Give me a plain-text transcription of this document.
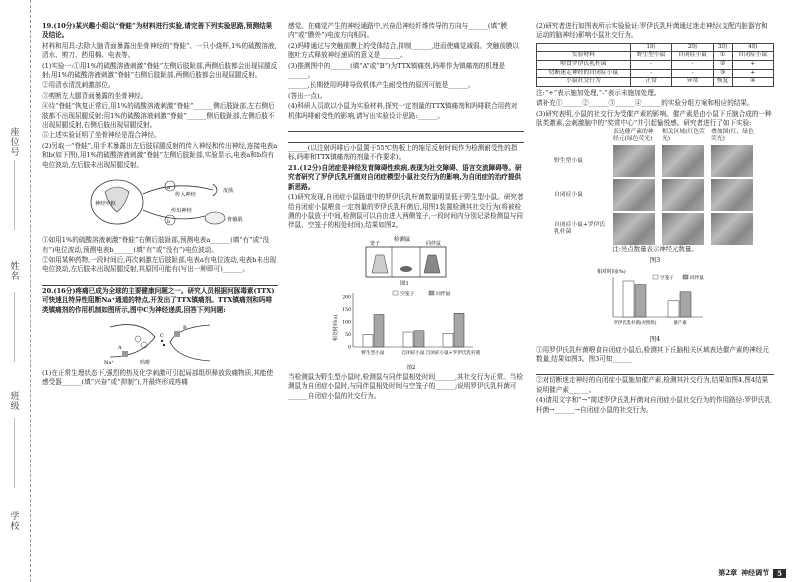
座位号
姓名
班级
学校

19.(10分)某兴趣小组以“脊蛙”为材料进行实验,请完善下列实验思路,预测结果及结论。

材料和用具:去除大脑背面暴露出坐骨神经的“脊蛙”、一只小烧杯,1%的硫酸溶液,清水、剪刀、药用棉、电表等。

(1)实验一:①用1%的硫酸溶液刺激“脊蛙”左侧后肢趾部,两侧后肢都会出现屈腿反射;用1%的硫酸溶液刺激“脊蛙”右侧后肢趾部,两侧后肢都会出现屈腿反射。

②用清水清洗刺激部位。

③剪断左大腿背面暴露的坐骨神经。

④待“脊蛙”恢复正常后,用1%的硫酸溶液刺激“脊蛙”______侧后肢趾部,左右侧后肢都不出现屈腿反射;用1%的硫酸溶液刺激“脊蛙”______侧后肢趾部,左侧后肢不出现屈腿反射,右侧后肢出现屈腿反射。

⑤上述实验证明了坐骨神经是混合神经。

(2)另取一“脊蛙”,用手术暴露出左后肢屈腿反射的传入神经和传出神经,连接电表a和b(如下图),用1%的硫酸溶液刺激“脊蛙”左侧后肢趾部,实验显示,电表a和b均有电位波动,左后肢未出现屈腿反射。

a
b
传入神经
神经中枢
传出神经
皮肤
骨骼肌

①如用1%的硫酸溶液刺激“脊蛙”右侧后肢趾部,预测电表a______(填“有”或“没有”)电位波动,预测电表b______(填“有”或“没有”)电位波动。

②如用某种药物,一段时间后,再次刺激左后肢趾部,电表a有电位波动,电表b未出现电位波动,左后肢未出现屈腿反射,其原因可能有(写出一种即可)______。

20.(16分)疼痛已成为全球的主要健康问题之一。研究人员根据河豚毒素(TTX)可快速且特异性阻断Na⁺通道的特点,开发出了TTX镇痛剂。TTX镇痛剂和吗啡类镇痛剂的作用机制如图所示,图中C为神经递质,回答下列问题:

Na⁺
C
A
B
吗啡

(1)在正常生理状态下,强烈的热及化学刺激可引起局部组织释放致痛物质,其能使感受器______(填“兴奋”或“抑制”),并最终形成疼痛

感觉。在痛觉产生的神经通路中,兴奋沿神经纤维传导的方向与______(填“膜内”或“膜外”)电流方向相同。

(2)吗啡通过与突触前膜上的受体结合,抑制______,进而使痛觉减弱。突触前膜以胞吐方式释放神经递质的意义是______。

(3)推测图中的______(填“A”或“B”)为TTX镇痛剂,吗啡作为镇痛剂的机理是______。

______,长期使用吗啡导致机体产生耐受性的原因可能是______。

(答出一点)。

(4)科研人员欲以小鼠为实验材料,探究一定剂量的TTX镇痛剂和吗啡联合用药对机体吗啡耐受性的影响,请写出实验设计思路:______。

______(以注射吗啡后小鼠置于55℃热板上的缩足反射时间作为检测耐受性的指标,吗啡和TTX镇痛剂的剂量不作要求)。

21.(12分)自闭症是神经发育障碍性疾病,表现为社交障碍、语言交流障碍等。研究者研究了罗伊氏乳杆菌对自闭症模型小鼠社交行为的影响,为自闭症的治疗提供新思路。

(1)研究发现,自闭症小鼠肠道中的罗伊氏乳杆菌数量明显低于野生型小鼠。研究者给自闭症小鼠喂食一定剂量的罗伊氏乳杆菌后,用图1装置检测其社交行为(将被检测的小鼠放于中间,检测鼠可以自由进入两侧笼子,一段时间内分别记录检测鼠与同伴鼠、空笼子的相处时间),结果如图2。

检测鼠
笼子	同伴鼠
图1
相处时间(s)
0
50
100
150
200
野生型小鼠	自闭症小鼠 自闭症小鼠+罗伊氏乳杆菌
空笼子	同伴鼠
图2

当检测鼠为野生型小鼠时,检测鼠与同伴鼠相处时间______,其社交行为正常。当检测鼠为自闭症小鼠时,与同伴鼠相处时间与空笼子的______;说明罗伊氏乳杆菌可______自闭症小鼠的社交行为。

(2)研究者进行如图表所示实验验证:罗伊氏乳杆菌通过迷走神经(支配内脏器官和运动的脑神经)影响小鼠社交行为。

	1组	2组	3组	4组
实验材料	野生型小鼠	自闭症小鼠	①	自闭症小鼠
喂食罗伊氏乳杆菌	-	-	②	+
切断迷走神经的自闭症小鼠	-	-	③	+
小鼠社交行为	正常	异常	恢复	④

注:“+”表示施加处理,“-”表示未施加处理。

请补充①______②______③______④______的实验分组方案和相应的结果。

(3)研究表明,小鼠的社交行为受催产素的影响。催产素是由小鼠下丘脑合成的一种肽类激素,会刺激脑中的“奖赏中心”并引起愉悦感。研究者进行了如下实验:

表达催产素的神经元(绿色荧光)
相关区域(红色荧光)
叠加图(红、绿色荧光)
野生型小鼠
自闭症小鼠
自闭症小鼠+罗伊氏乳杆菌

注:亮点数量表示神经元数量。

图3

相对时间(%)
罗伊氏乳杆菌(对照组)	催产素
空笼子	同伴鼠

图4

①用罗伊氏乳杆菌喂食自闭症小鼠后,检测其下丘脑相关区域表达催产素的神经元数量,结果如图3。图3可知______

②对切断迷走神经的自闭症小鼠施加催产素,检测其社交行为,结果如图4,图4结果说明催产素______。

(4)请用文字和“→”简述罗伊氏乳杆菌对自闭症小鼠社交行为的作用路径:罗伊氏乳杆菌→______→自闭症小鼠的社交行为。

第2章 神经调节	5
